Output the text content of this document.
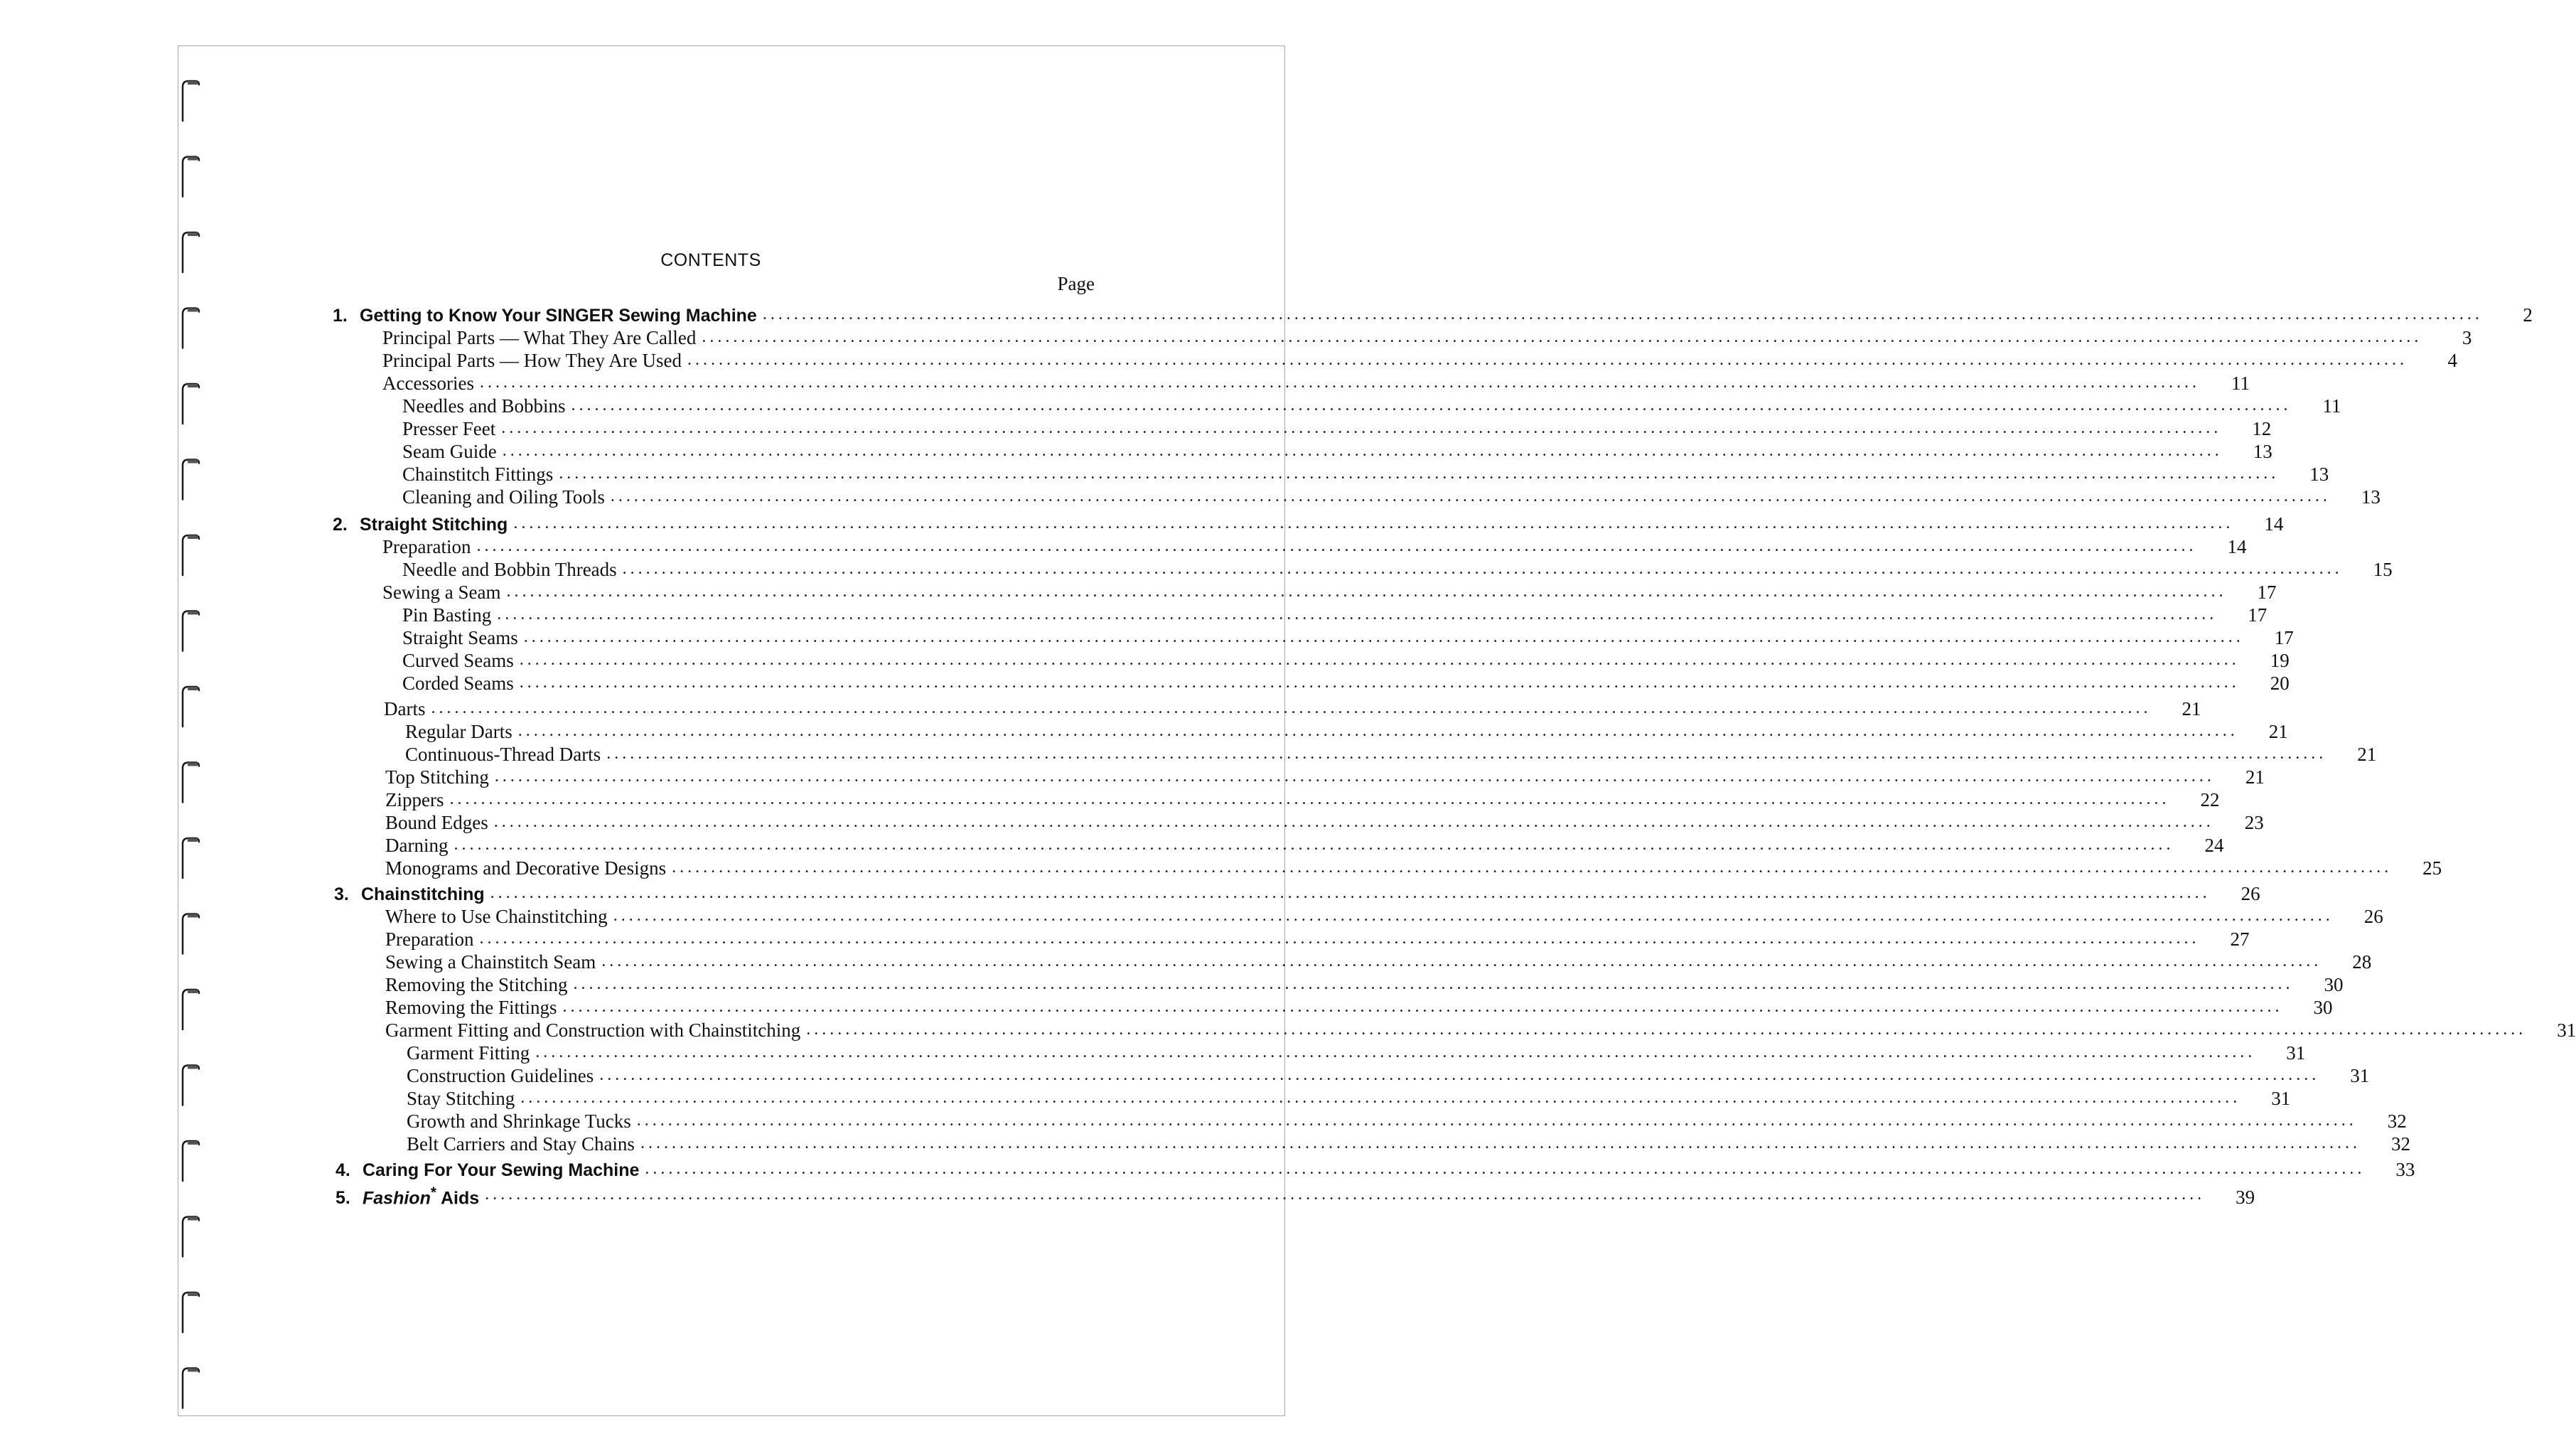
CONTENTS
Page
1. Getting to Know Your SINGER Sewing Machine ............................................................................................................................................................................................................................	2
Principal Parts — What They Are Called ............................................................................................................................................................................................................................	3
Principal Parts — How They Are Used ............................................................................................................................................................................................................................	4
Accessories ............................................................................................................................................................................................................................	11
Needles and Bobbins ............................................................................................................................................................................................................................	11
Presser Feet ............................................................................................................................................................................................................................	12
Seam Guide ............................................................................................................................................................................................................................	13
Chainstitch Fittings ............................................................................................................................................................................................................................	13
Cleaning and Oiling Tools ............................................................................................................................................................................................................................	13
2. Straight Stitching ............................................................................................................................................................................................................................	14
Preparation ............................................................................................................................................................................................................................	14
Needle and Bobbin Threads ............................................................................................................................................................................................................................	15
Sewing a Seam ............................................................................................................................................................................................................................	17
Pin Basting ............................................................................................................................................................................................................................	17
Straight Seams ............................................................................................................................................................................................................................	17
Curved Seams ............................................................................................................................................................................................................................	19
Corded Seams ............................................................................................................................................................................................................................	20
Darts ............................................................................................................................................................................................................................	21
Regular Darts ............................................................................................................................................................................................................................	21
Continuous-Thread Darts ............................................................................................................................................................................................................................	21
Top Stitching ............................................................................................................................................................................................................................	21
Zippers ............................................................................................................................................................................................................................	22
Bound Edges ............................................................................................................................................................................................................................	23
Darning ............................................................................................................................................................................................................................	24
Monograms and Decorative Designs ............................................................................................................................................................................................................................	25
3. Chainstitching ............................................................................................................................................................................................................................	26
Where to Use Chainstitching ............................................................................................................................................................................................................................	26
Preparation ............................................................................................................................................................................................................................	27
Sewing a Chainstitch Seam ............................................................................................................................................................................................................................	28
Removing the Stitching ............................................................................................................................................................................................................................	30
Removing the Fittings ............................................................................................................................................................................................................................	30
Garment Fitting and Construction with Chainstitching ............................................................................................................................................................................................................................	31
Garment Fitting ............................................................................................................................................................................................................................	31
Construction Guidelines ............................................................................................................................................................................................................................	31
Stay Stitching ............................................................................................................................................................................................................................	31
Growth and Shrinkage Tucks ............................................................................................................................................................................................................................	32
Belt Carriers and Stay Chains ............................................................................................................................................................................................................................	32
4. Caring For Your Sewing Machine ............................................................................................................................................................................................................................	33
5. Fashion* Aids ............................................................................................................................................................................................................................	39
